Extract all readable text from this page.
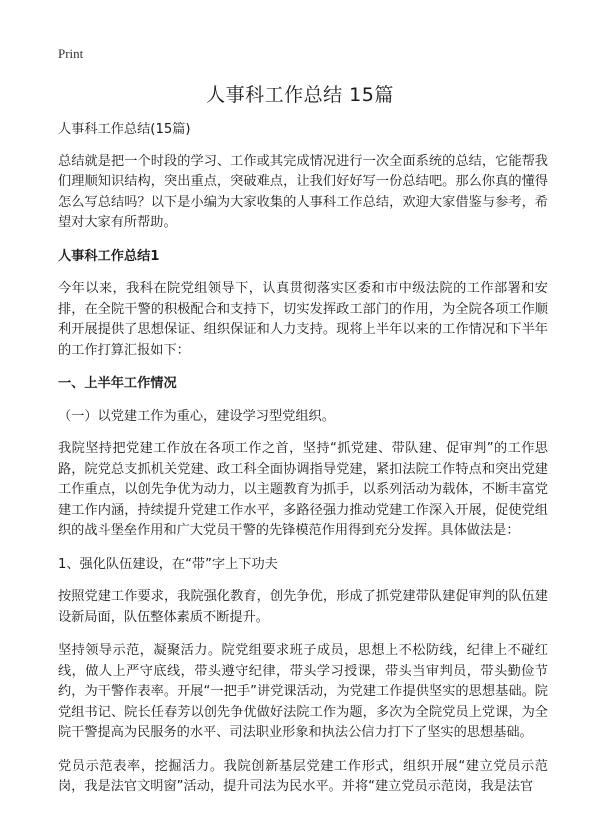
Print
人事科工作总结 15篇

人事科工作总结(15篇)

总结就是把一个时段的学习、工作或其完成情况进行一次全面系统的总结，它能帮我们理顺知识结构，突出重点，突破难点，让我们好好写一份总结吧。那么你真的懂得怎么写总结吗？以下是小编为大家收集的人事科工作总结，欢迎大家借鉴与参考，希望对大家有所帮助。

人事科工作总结1

今年以来，我科在院党组领导下，认真贯彻落实区委和市中级法院的工作部署和安排，在全院干警的积极配合和支持下，切实发挥政工部门的作用，为全院各项工作顺利开展提供了思想保证、组织保证和人力支持。现将上半年以来的工作情况和下半年的工作打算汇报如下：

一、上半年工作情况

（一）以党建工作为重心，建设学习型党组织。

我院坚持把党建工作放在各项工作之首，坚持“抓党建、带队建、促审判”的工作思路，院党总支抓机关党建、政工科全面协调指导党建，紧扣法院工作特点和突出党建工作重点，以创先争优为动力，以主题教育为抓手，以系列活动为载体，不断丰富党建工作内涵，持续提升党建工作水平，多路径强力推动党建工作深入开展，促使党组织的战斗堡垒作用和广大党员干警的先锋模范作用得到充分发挥。具体做法是：

1、强化队伍建设，在“带”字上下功夫

按照党建工作要求，我院强化教育，创先争优，形成了抓党建带队建促审判的队伍建设新局面，队伍整体素质不断提升。

坚持领导示范，凝聚活力。院党组要求班子成员，思想上不松防线，纪律上不碰红线，做人上严守底线，带头遵守纪律，带头学习授课，带头当审判员，带头勤俭节约，为干警作表率。开展“一把手”讲党课活动，为党建工作提供坚实的思想基础。院党组书记、院长任春芳以创先争优做好法院工作为题，多次为全院党员上党课，为全院干警提高为民服务的水平、司法职业形象和执法公信力打下了坚实的思想基础。

党员示范表率，挖掘活力。我院创新基层党建工作形式，组织开展“建立党员示范岗，我是法官文明窗”活动，提升司法为民水平。并将“建立党员示范岗，我是法官
